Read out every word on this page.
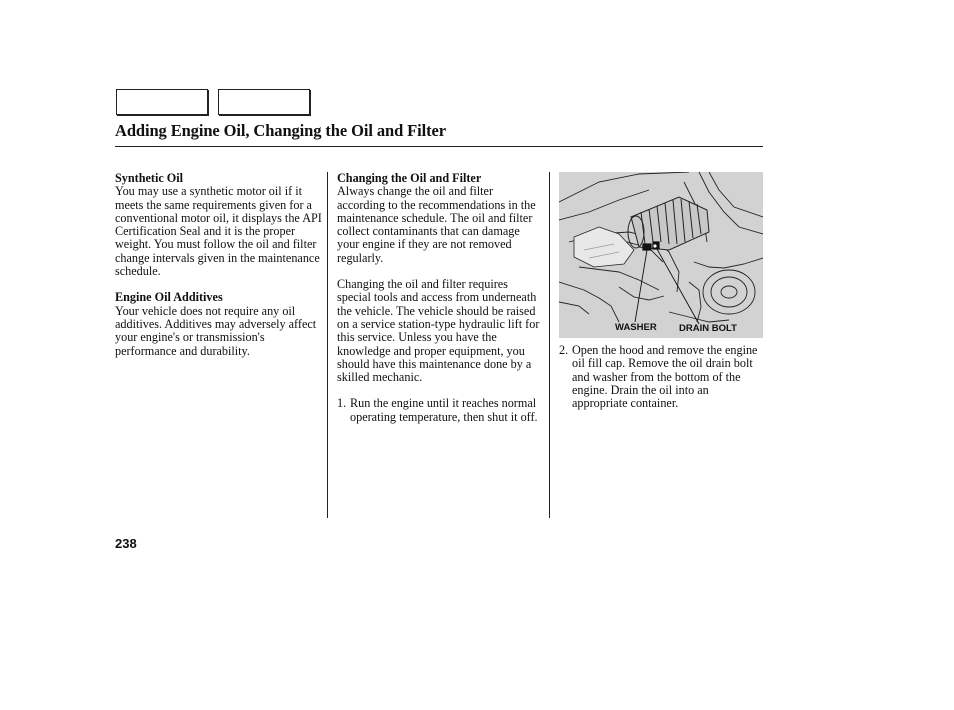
Adding Engine Oil, Changing the Oil and Filter

Synthetic Oil

You may use a synthetic motor oil if it meets the same requirements given for a conventional motor oil, it displays the API Certification Seal and it is the proper weight. You must follow the oil and filter change intervals given in the maintenance schedule.

Engine Oil Additives

Your vehicle does not require any oil additives. Additives may adversely affect your engine's or transmission's performance and durability.

Changing the Oil and Filter

Always change the oil and filter according to the recommendations in the maintenance schedule. The oil and filter collect contaminants that can damage your engine if they are not removed regularly.

Changing the oil and filter requires special tools and access from underneath the vehicle. The vehicle should be raised on a service station-type hydraulic lift for this service. Unless you have the knowledge and proper equipment, you should have this maintenance done by a skilled mechanic.

1. Run the engine until it reaches normal operating temperature, then shut it off.
WASHER DRAIN BOLT
2. Open the hood and remove the engine oil fill cap. Remove the oil drain bolt and washer from the bottom of the engine. Drain the oil into an appropriate container.
238
